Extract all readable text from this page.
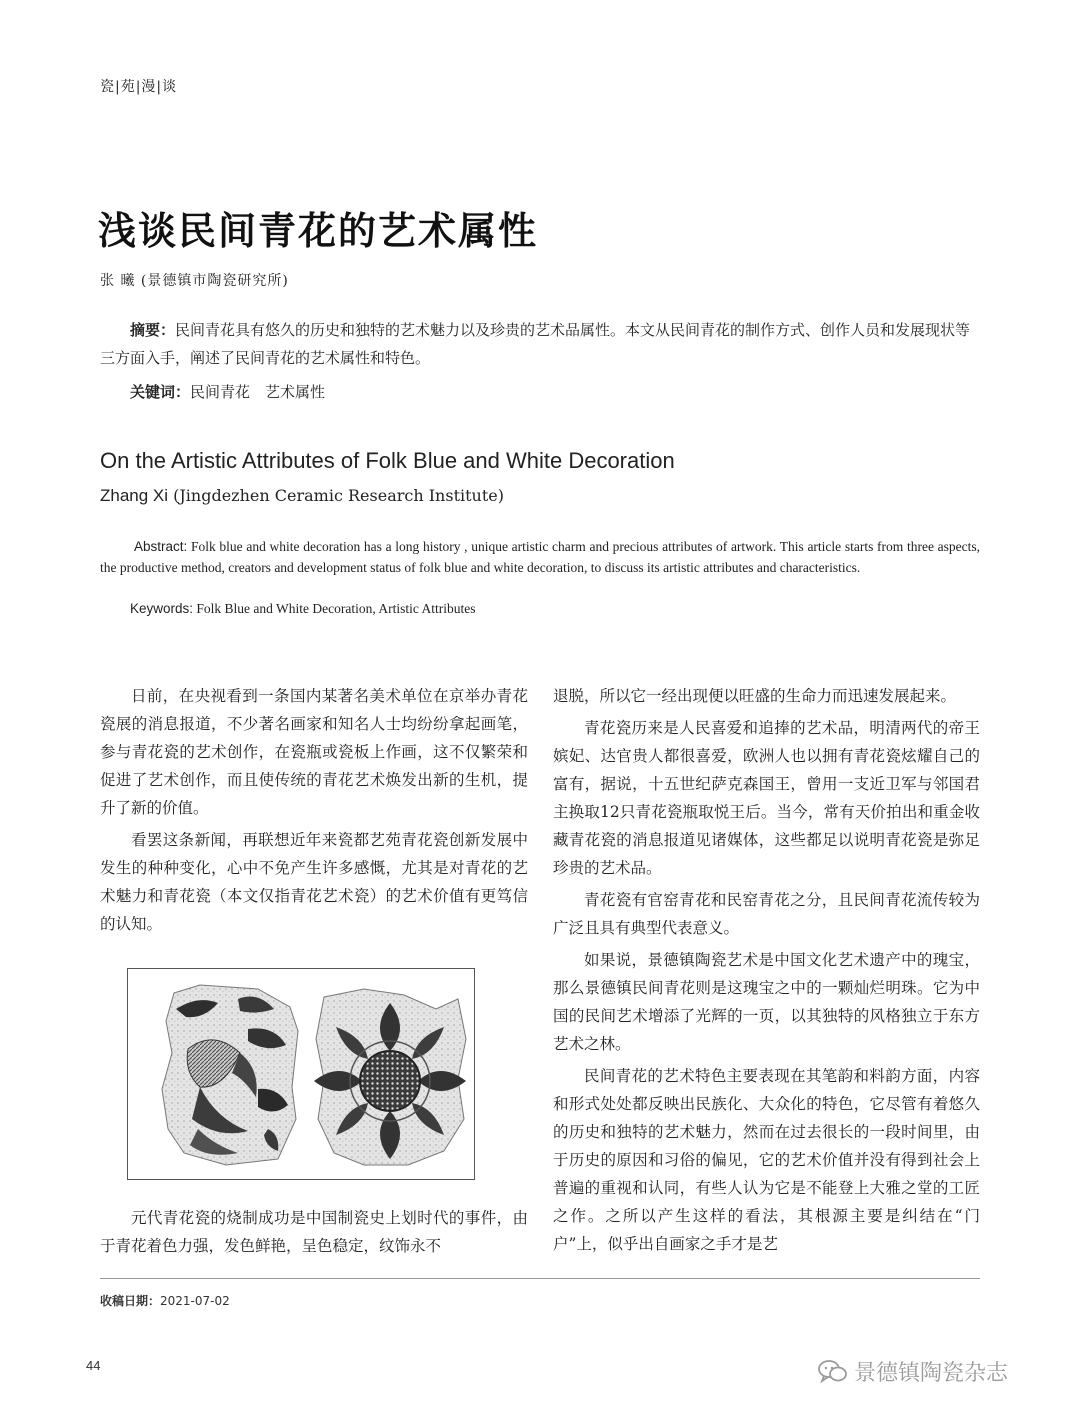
瓷|苑|漫|谈
浅谈民间青花的艺术属性
张 曦 (景德镇市陶瓷研究所)
摘要：民间青花具有悠久的历史和独特的艺术魅力以及珍贵的艺术品属性。本文从民间青花的制作方式、创作人员和发展现状等三方面入手，阐述了民间青花的艺术属性和特色。
关键词：民间青花　艺术属性
On the Artistic Attributes of Folk Blue and White Decoration
Zhang Xi (Jingdezhen Ceramic Research Institute)
Abstract: Folk blue and white decoration has a long history , unique artistic charm and precious attributes of artwork. This article starts from three aspects, the productive method, creators and development status of folk blue and white decoration, to discuss its artistic attributes and characteristics.
Keywords: Folk Blue and White Decoration, Artistic Attributes

日前，在央视看到一条国内某著名美术单位在京举办青花瓷展的消息报道，不少著名画家和知名人士均纷纷拿起画笔，参与青花瓷的艺术创作，在瓷瓶或瓷板上作画，这不仅繁荣和促进了艺术创作，而且使传统的青花艺术焕发出新的生机，提升了新的价值。

看罢这条新闻，再联想近年来瓷都艺苑青花瓷创新发展中发生的种种变化，心中不免产生许多感慨，尤其是对青花的艺术魅力和青花瓷（本文仅指青花艺术瓷）的艺术价值有更笃信的认知。

元代青花瓷的烧制成功是中国制瓷史上划时代的事件，由于青花着色力强，发色鲜艳，呈色稳定，纹饰永不

退脱，所以它一经出现便以旺盛的生命力而迅速发展起来。

青花瓷历来是人民喜爱和追捧的艺术品，明清两代的帝王嫔妃、达官贵人都很喜爱，欧洲人也以拥有青花瓷炫耀自己的富有，据说，十五世纪萨克森国王，曾用一支近卫军与邻国君主换取12只青花瓷瓶取悦王后。当今，常有天价拍出和重金收藏青花瓷的消息报道见诸媒体，这些都足以说明青花瓷是弥足珍贵的艺术品。

青花瓷有官窑青花和民窑青花之分，且民间青花流传较为广泛且具有典型代表意义。

如果说，景德镇陶瓷艺术是中国文化艺术遗产中的瑰宝，那么景德镇民间青花则是这瑰宝之中的一颗灿烂明珠。它为中国的民间艺术增添了光辉的一页，以其独特的风格独立于东方艺术之林。

民间青花的艺术特色主要表现在其笔韵和料韵方面，内容和形式处处都反映出民族化、大众化的特色，它尽管有着悠久的历史和独特的艺术魅力，然而在过去很长的一段时间里，由于历史的原因和习俗的偏见，它的艺术价值并没有得到社会上普遍的重视和认同，有些人认为它是不能登上大雅之堂的工匠之作。之所以产生这样的看法，其根源主要是纠结在“门户”上，似乎出自画家之手才是艺

收稿日期：2021-07-02
44	景德镇陶瓷杂志
